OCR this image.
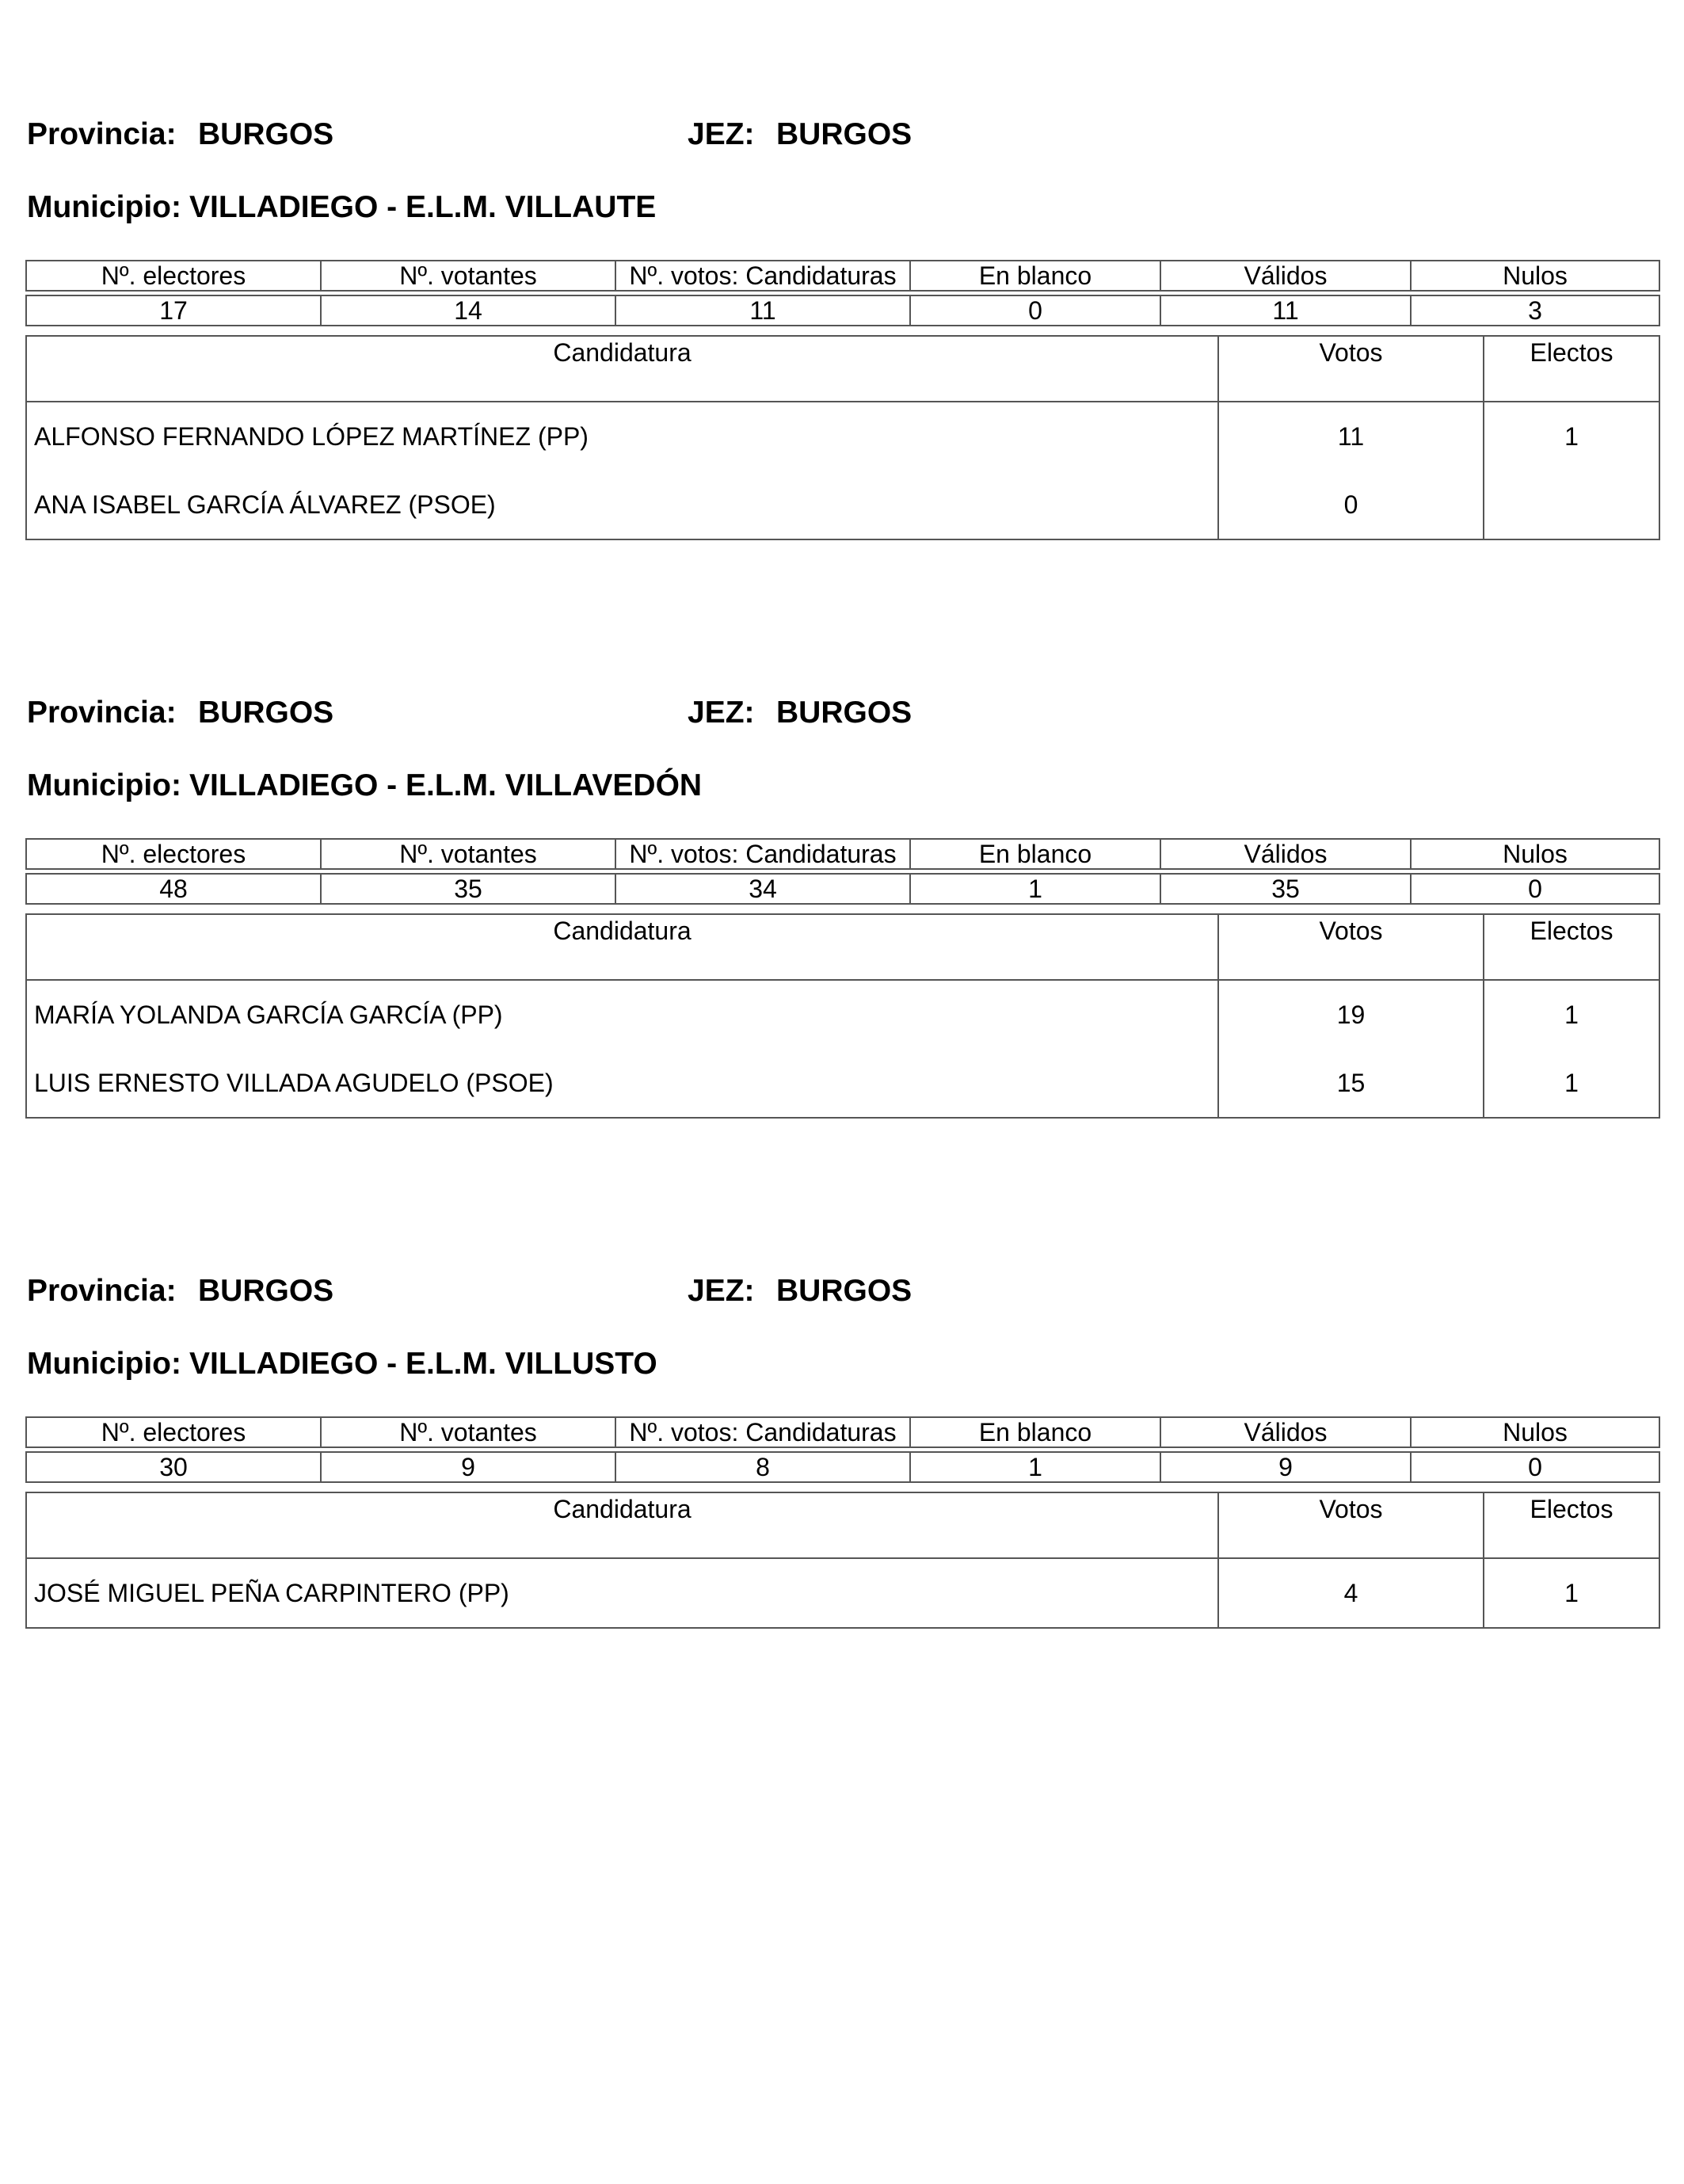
Provincia: BURGOS	JEZ: BURGOS
Municipio: VILLADIEGO - E.L.M. VILLAUTE
Nº. electores	Nº. votantes	Nº. votos: Candidaturas	En blanco	Válidos	Nulos

17	14	11	0	11	3
Candidatura	Votos	Electos
ALFONSO FERNANDO LÓPEZ MARTÍNEZ (PP)	11	1
ANA ISABEL GARCÍA ÁLVAREZ (PSOE)	0	
Provincia: BURGOS	JEZ: BURGOS
Municipio: VILLADIEGO - E.L.M. VILLAVEDÓN
Nº. electores	Nº. votantes	Nº. votos: Candidaturas	En blanco	Válidos	Nulos

48	35	34	1	35	0
Candidatura	Votos	Electos
MARÍA YOLANDA GARCÍA GARCÍA (PP)	19	1
LUIS ERNESTO VILLADA AGUDELO (PSOE)	15	1
Provincia: BURGOS	JEZ: BURGOS
Municipio: VILLADIEGO - E.L.M. VILLUSTO
Nº. electores	Nº. votantes	Nº. votos: Candidaturas	En blanco	Válidos	Nulos

30	9	8	1	9	0
Candidatura	Votos	Electos
JOSÉ MIGUEL PEÑA CARPINTERO (PP)	4	1
